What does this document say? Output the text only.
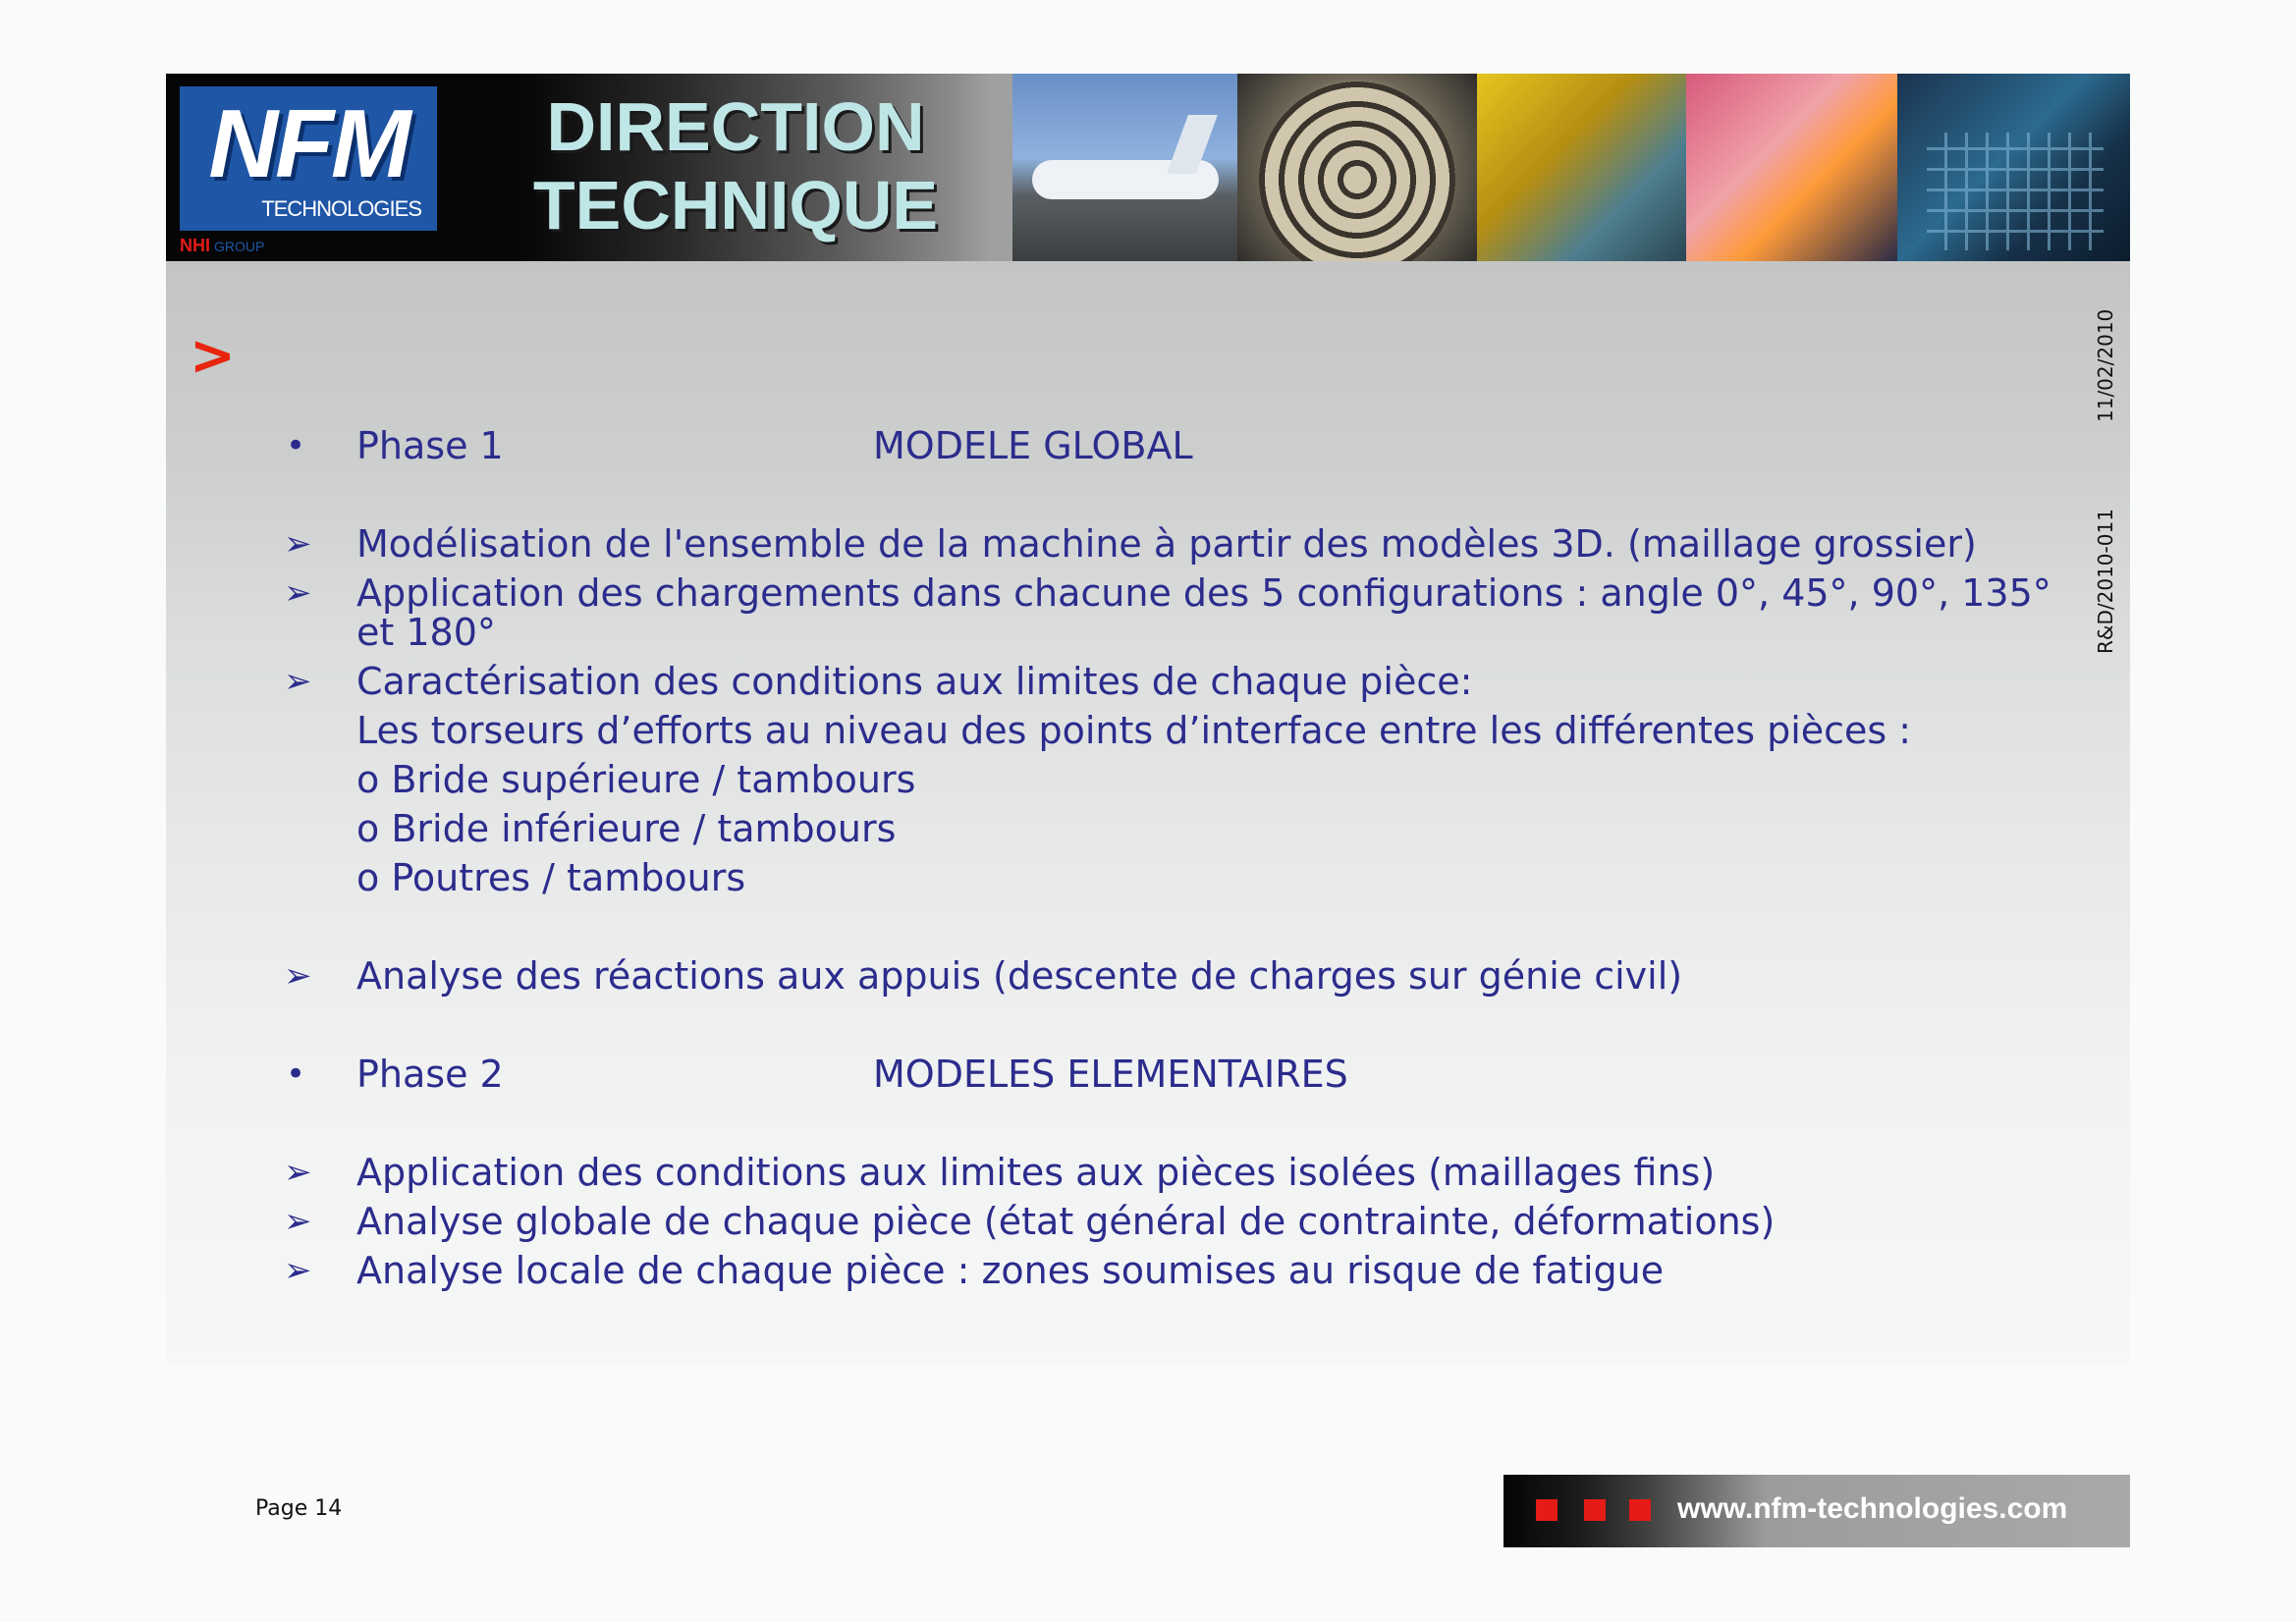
NFM
TECHNOLOGIES
NHI GROUP
DIRECTION
TECHNIQUE
>	11/02/2010
R&D/2010-011
• Phase 1	MODELE GLOBAL
➢ Modélisation de l'ensemble de la machine à partir des modèles 3D. (maillage grossier)
➢ Application des chargements dans chacune des 5 configurations : angle 0°, 45°, 90°, 135°
et 180°
➢ Caractérisation des conditions aux limites de chaque pièce:
Les torseurs d’efforts au niveau des points d’interface entre les différentes pièces :
o Bride supérieure / tambours
o Bride inférieure / tambours
o Poutres / tambours
➢ Analyse des réactions aux appuis (descente de charges sur génie civil)
• Phase 2	MODELES ELEMENTAIRES
➢ Application des conditions aux limites aux pièces isolées (maillages fins)
➢ Analyse globale de chaque pièce (état général de contrainte, déformations)
➢ Analyse locale de chaque pièce : zones soumises au risque de fatigue
Page 14	www.nfm-technologies.com
